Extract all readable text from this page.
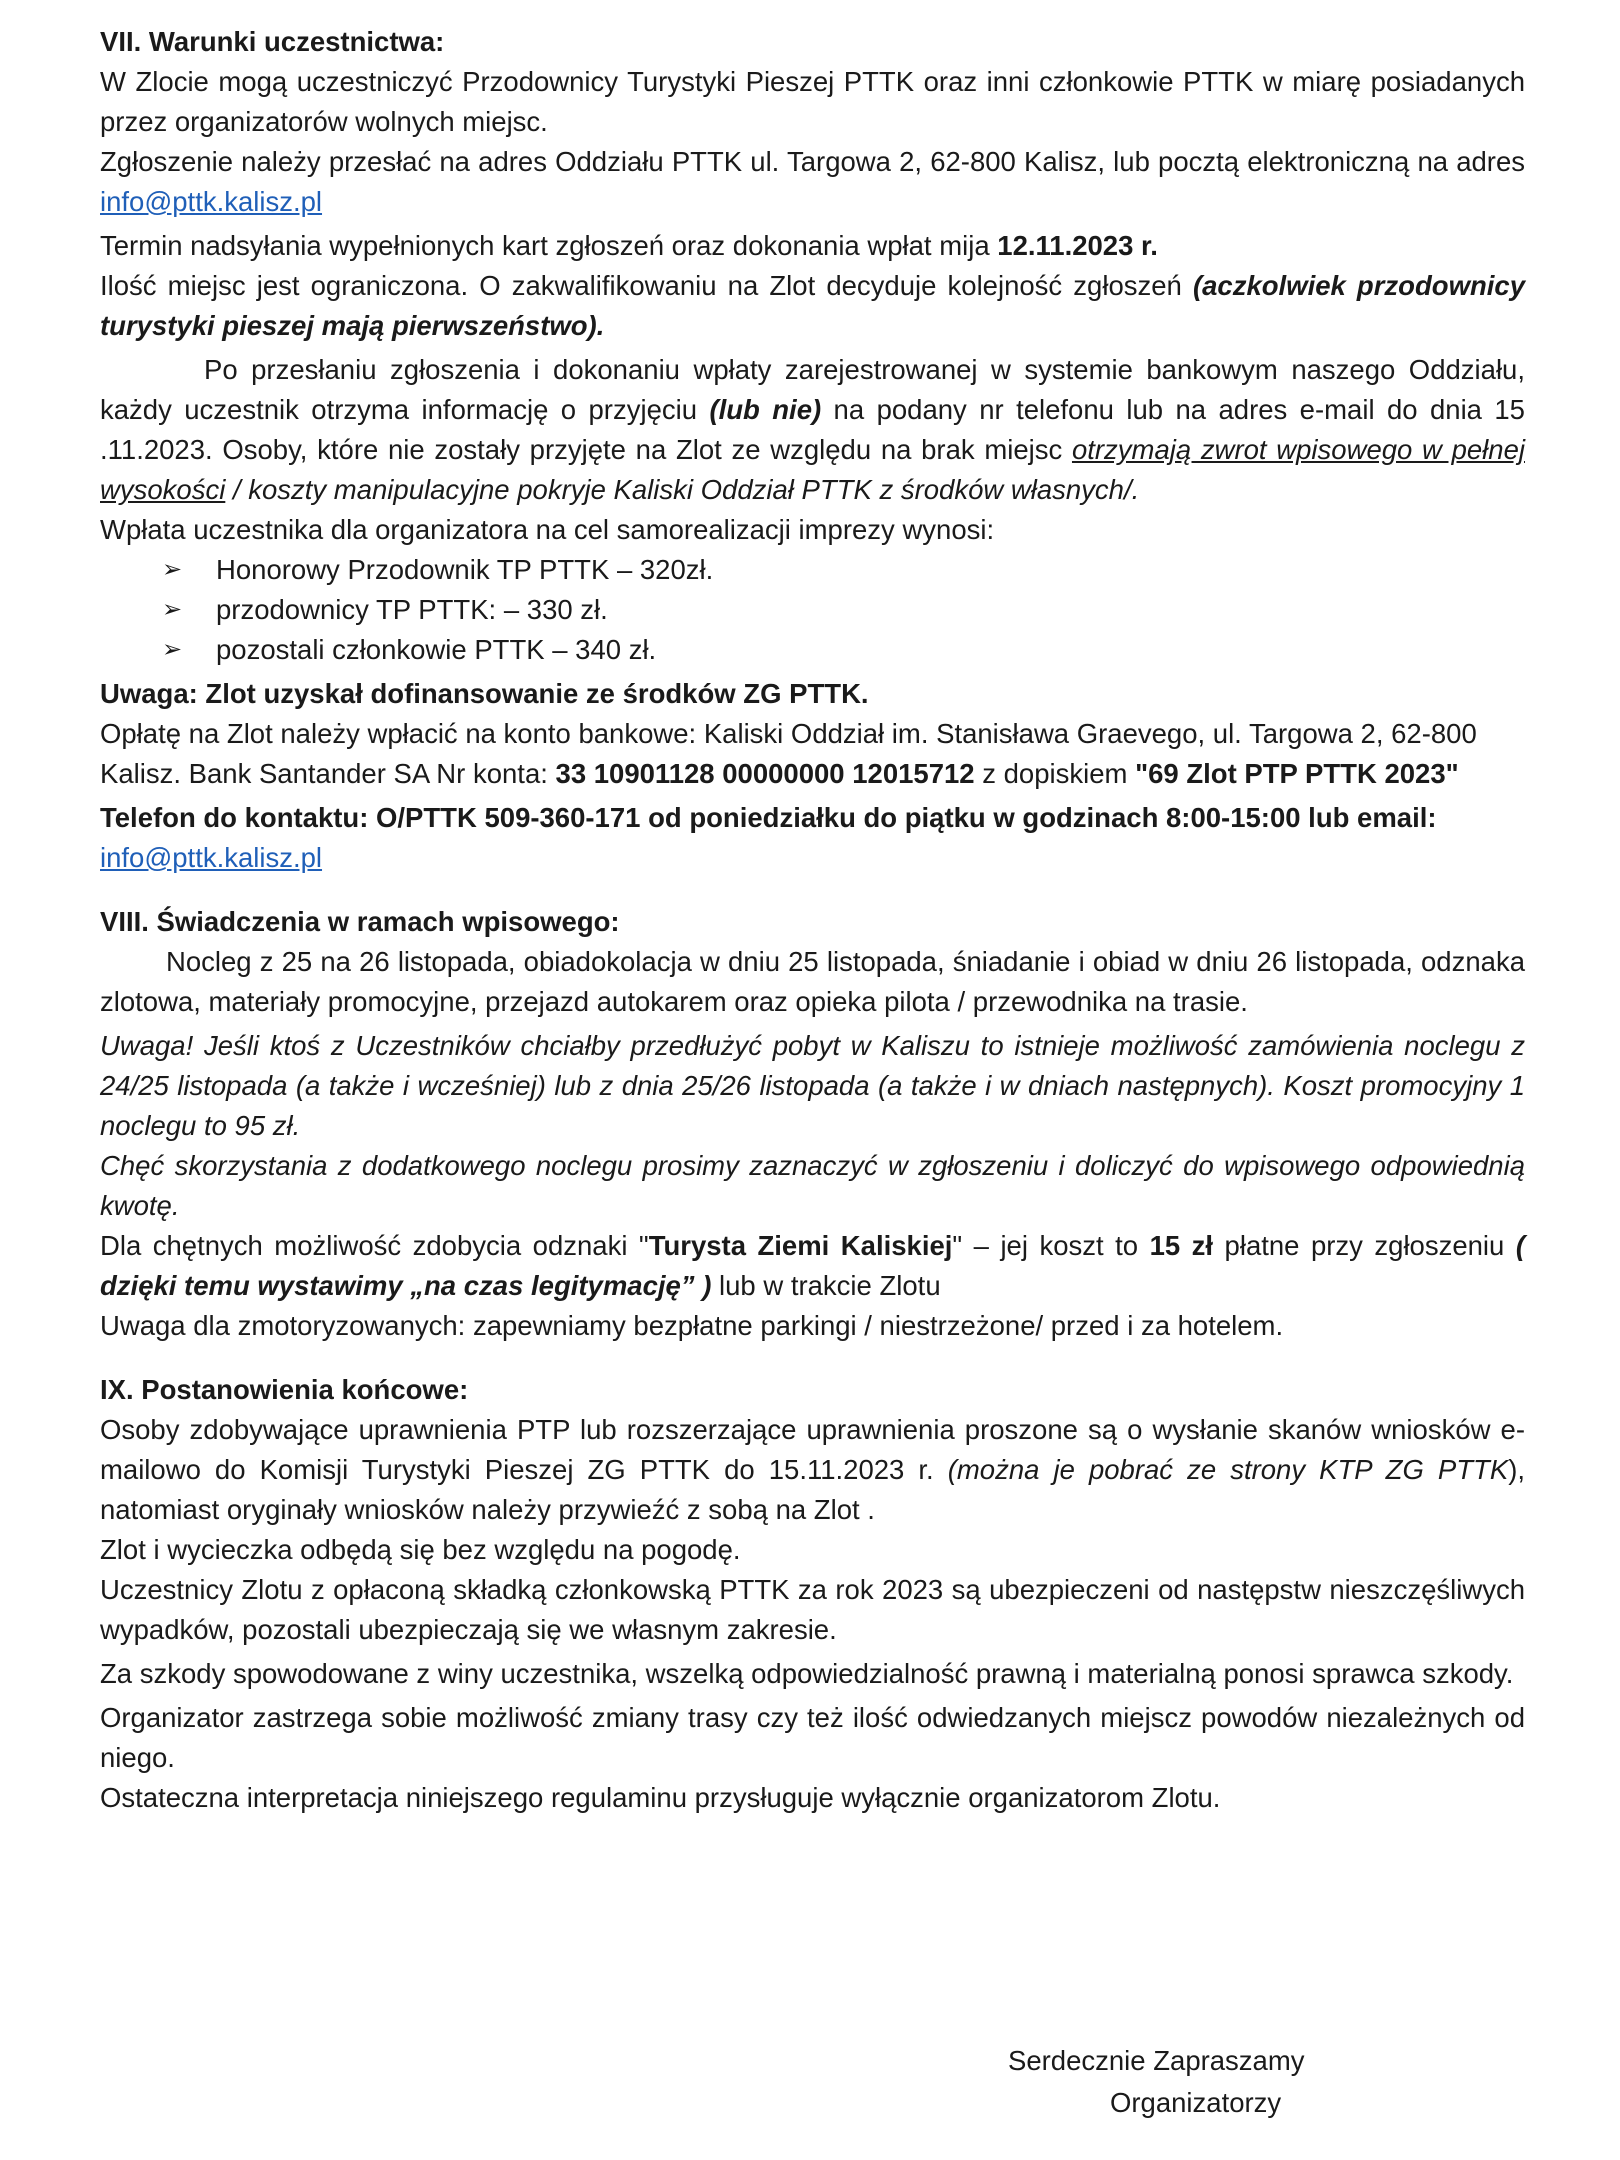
VII. Warunki uczestnictwa:

W Zlocie mogą uczestniczyć Przodownicy Turystyki Pieszej PTTK oraz inni członkowie PTTK w miarę posiadanych przez organizatorów wolnych miejsc.

Zgłoszenie należy przesłać na adres Oddziału PTTK ul. Targowa 2, 62-800 Kalisz, lub pocztą elektroniczną na adres info@pttk.kalisz.pl

Termin nadsyłania wypełnionych kart zgłoszeń oraz dokonania wpłat mija 12.11.2023 r.

Ilość miejsc jest ograniczona. O zakwalifikowaniu na Zlot decyduje kolejność zgłoszeń (aczkolwiek przodownicy turystyki pieszej mają pierwszeństwo).

Po przesłaniu zgłoszenia i dokonaniu wpłaty zarejestrowanej w systemie bankowym naszego Oddziału, każdy uczestnik otrzyma informację o przyjęciu (lub nie) na podany nr telefonu lub na adres e-mail do dnia 15 .11.2023. Osoby, które nie zostały przyjęte na Zlot ze względu na brak miejsc otrzymają zwrot wpisowego w pełnej wysokości / koszty manipulacyjne pokryje Kaliski Oddział PTTK z środków własnych/.

Wpłata uczestnika dla organizatora na cel samorealizacji imprezy wynosi:

➢ Honorowy Przodownik TP PTTK – 320zł.
➢ przodownicy TP PTTK: – 330 zł.
➢ pozostali członkowie PTTK – 340 zł.

Uwaga: Zlot uzyskał dofinansowanie ze środków ZG PTTK.

Opłatę na Zlot należy wpłacić na konto bankowe: Kaliski Oddział im. Stanisława Graevego, ul. Targowa 2, 62-800 Kalisz. Bank Santander SA Nr konta: 33 10901128 00000000 12015712 z dopiskiem "69 Zlot PTP PTTK 2023"

Telefon do kontaktu: O/PTTK 509-360-171 od poniedziałku do piątku w godzinach 8:00-15:00 lub email: info@pttk.kalisz.pl

VIII. Świadczenia w ramach wpisowego:

Nocleg z 25 na 26 listopada, obiadokolacja w dniu 25 listopada, śniadanie i obiad w dniu 26 listopada, odznaka zlotowa, materiały promocyjne, przejazd autokarem oraz opieka pilota / przewodnika na trasie.

Uwaga! Jeśli ktoś z Uczestników chciałby przedłużyć pobyt w Kaliszu to istnieje możliwość zamówienia noclegu z 24/25 listopada (a także i wcześniej) lub z dnia 25/26 listopada (a także i w dniach następnych). Koszt promocyjny 1 noclegu to 95 zł.

Chęć skorzystania z dodatkowego noclegu prosimy zaznaczyć w zgłoszeniu i doliczyć do wpisowego odpowiednią kwotę.

Dla chętnych możliwość zdobycia odznaki "Turysta Ziemi Kaliskiej" – jej koszt to 15 zł płatne przy zgłoszeniu ( dzięki temu wystawimy „na czas legitymację” ) lub w trakcie Zlotu

Uwaga dla zmotoryzowanych: zapewniamy bezpłatne parkingi / niestrzeżone/ przed i za hotelem.

IX. Postanowienia końcowe:

Osoby zdobywające uprawnienia PTP lub rozszerzające uprawnienia proszone są o wysłanie skanów wniosków e-mailowo do Komisji Turystyki Pieszej ZG PTTK do 15.11.2023 r. (można je pobrać ze strony KTP ZG PTTK), natomiast oryginały wniosków należy przywieźć z sobą na Zlot .

Zlot i wycieczka odbędą się bez względu na pogodę.

Uczestnicy Zlotu z opłaconą składką członkowską PTTK za rok 2023 są ubezpieczeni od następstw nieszczęśliwych wypadków, pozostali ubezpieczają się we własnym zakresie.

Za szkody spowodowane z winy uczestnika, wszelką odpowiedzialność prawną i materialną ponosi sprawca szkody.

Organizator zastrzega sobie możliwość zmiany trasy czy też ilość odwiedzanych miejscz powodów niezależnych od niego.

Ostateczna interpretacja niniejszego regulaminu przysługuje wyłącznie organizatorom Zlotu.

Serdecznie Zapraszamy
Organizatorzy
